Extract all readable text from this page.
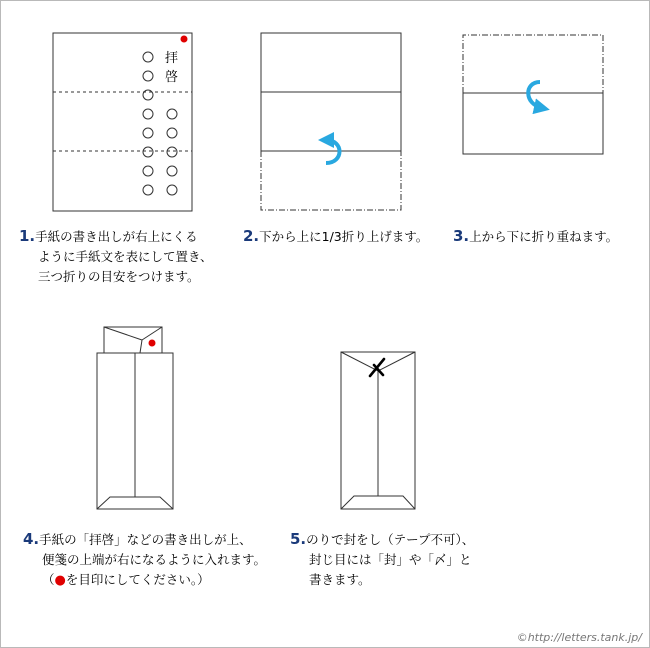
拝
啓
1.手紙の書き出しが右上にくる
ように手紙文を表にして置き、
三つ折りの目安をつけます。
2.下から上に1/3折り上げます。 3.上から下に折り重ねます。
4.手紙の「拝啓」などの書き出しが上、
便箋の上端が右になるように入れます。
（●を目印にしてください。）
5.のりで封をし（テープ不可）、
封じ目には「封」や「〆」と
書きます。
©http://letters.tank.jp/
